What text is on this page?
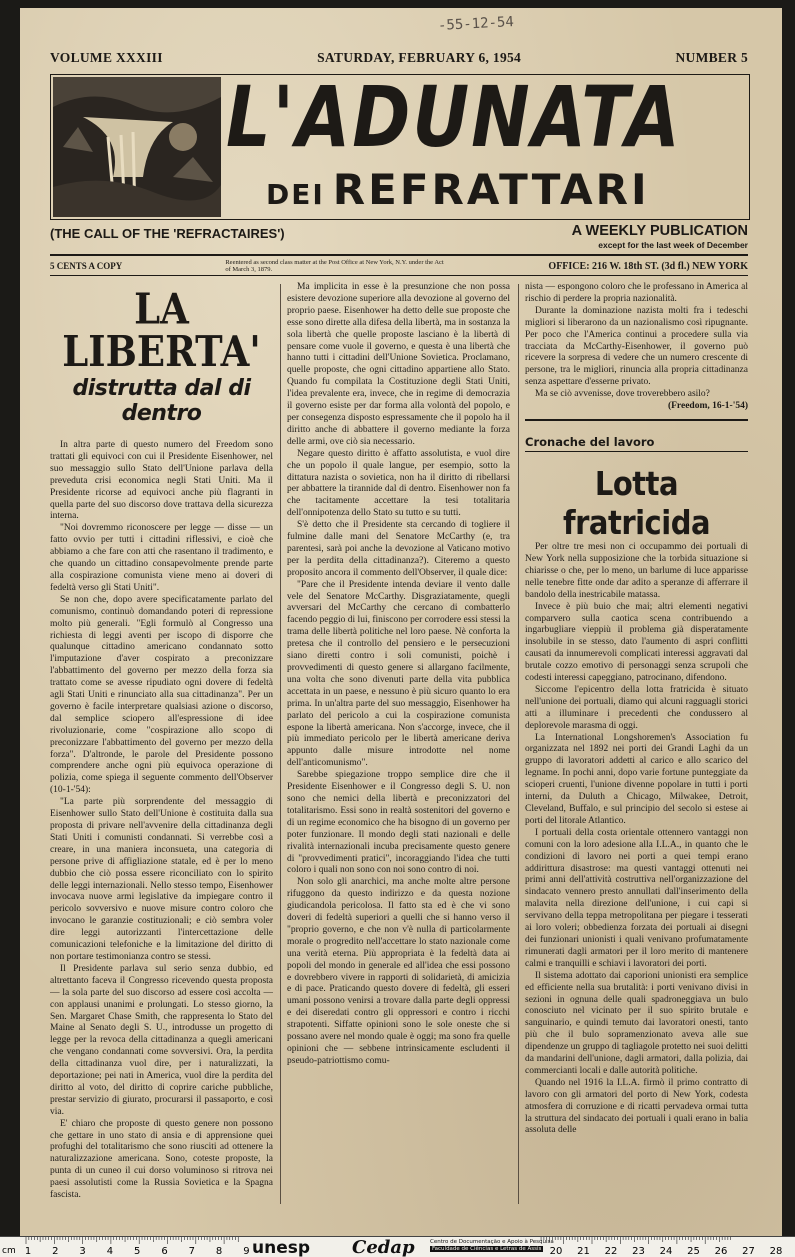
-55-12-54
VOLUME XXXIII	SATURDAY, FEBRUARY 6, 1954	NUMBER 5
L'ADUNATA
DEI REFRATTARI
(THE CALL OF THE 'REFRACTAIRES')	A WEEKLY PUBLICATION
except for the last week of December
5 CENTS A COPY	Reentered as second class matter at the Post Office at New York, N.Y. under the Act of March 3, 1879.	OFFICE: 216 W. 18th ST. (3d fl.) NEW YORK
LA LIBERTA'
distrutta dal di dentro

In altra parte di questo numero del Freedom sono trattati gli equivoci con cui il Presidente Eisenhower, nel suo messaggio sullo Stato dell'Unione parlava della preveduta crisi economica negli Stati Uniti. Ma il Presidente ricorse ad equivoci anche più flagranti in quella parte del suo discorso dove trattava della sicurezza interna.

"Noi dovremmo riconoscere per legge — disse — un fatto ovvio per tutti i cittadini riflessivi, e cioè che abbiamo a che fare con atti che rasentano il tradimento, e che quando un cittadino consapevolmente prende parte alla cospirazione comunista viene meno ai doveri di fedeltà verso gli Stati Uniti".

Se non che, dopo avere specificatamente parlato del comunismo, continuò domandando poteri di repressione molto più generali. "Egli formulò al Congresso una richiesta di leggi aventi per iscopo di disporre che qualunque cittadino americano condannato sotto l'imputazione d'aver cospirato a preconizzare l'abbattimento del governo per mezzo della forza sia trattato come se avesse ripudiato ogni dovere di fedeltà agli Stati Uniti e rinunciato alla sua cittadinanza". Per un governo è facile interpretare qualsiasi azione o discorso, dal semplice sciopero all'espressione di idee rivoluzionarie, come "cospirazione allo scopo di preconizzare l'abbattimento del governo per mezzo della forza". D'altronde, le parole del Presidente possono comprendere anche ogni più equivoca operazione di polizia, come spiega il seguente commento dell'Observer (10-1-'54):

"La parte più sorprendente del messaggio di Eisenhower sullo Stato dell'Unione è costituita dalla sua proposta di privare nell'avvenire della cittadinanza degli Stati Uniti i comunisti condannati. Si verrebbe così a creare, in una maniera inconsueta, una categoria di persone prive di affigliazione statale, ed è per lo meno dubbio che ciò possa essere riconciliato con lo spirito delle leggi internazionali. Nello stesso tempo, Eisenhower invocava nuove armi legislative da impiegare contro il pericolo sovversivo e nuove misure contro coloro che invocano le garanzie costituzionali; e ciò sembra voler dire leggi autorizzanti l'intercettazione delle comunicazioni telefoniche e la limitazione del diritto di non portare testimonianza contro se stessi.

Il Presidente parlava sul serio senza dubbio, ed altrettanto faceva il Congresso ricevendo questa proposta — la sola parte del suo discorso ad essere così accolta — con applausi unanimi e prolungati. Lo stesso giorno, la Sen. Margaret Chase Smith, che rappresenta lo Stato del Maine al Senato degli S. U., introdusse un progetto di legge per la revoca della cittadinanza a quegli americani che vengano condannati come sovversivi. Ora, la perdita della cittadinanza vuol dire, per i naturalizzati, la deportazione; pei nati in America, vuol dire la perdita del diritto al voto, del diritto di coprire cariche pubbliche, prestar servizio di giurato, procurarsi il passaporto, e così via.

E' chiaro che proposte di questo genere non possono che gettare in uno stato di ansia e di apprensione quei profughi del totalitarismo che sono riusciti ad ottenere la naturalizzazione americana. Sono, coteste proposte, la punta di un cuneo il cui dorso voluminoso si ritrova nei paesi assolutisti come la Russia Sovietica e la Spagna fascista.

Ma implicita in esse è la presunzione che non possa esistere devozione superiore alla devozione al governo del proprio paese. Eisenhower ha detto delle sue proposte che esse sono dirette alla difesa della libertà, ma in sostanza la sola libertà che quelle proposte lasciano è la libertà di pensare come vuole il governo, e questa è una libertà che hanno tutti i cittadini dell'Unione Sovietica. Proclamano, quelle proposte, che ogni cittadino appartiene allo Stato. Quando fu compilata la Costituzione degli Stati Uniti, l'idea prevalente era, invece, che in regime di democrazia il governo esiste per dar forma alla volontà del popolo, e per consegenza disposto espressamente che il popolo ha il diritto anche di abbattere il governo mediante la forza delle armi, ove ciò sia necessario.

Negare questo diritto è affatto assolutista, e vuol dire che un popolo il quale langue, per esempio, sotto la dittatura nazista o sovietica, non ha il diritto di ribellarsi per abbattere la tirannide dal di dentro. Eisenhower non fa che tacitamente accettare la tesi totalitaria dell'onnipotenza dello Stato su tutto e su tutti.

S'è detto che il Presidente sta cercando di togliere il fulmine dalle mani del Senatore McCarthy (e, tra parentesi, sarà poi anche la devozione al Vaticano motivo per la perdita della cittadinanza?). Citeremo a questo proposito ancora il commento dell'Observer, il quale dice:

"Pare che il Presidente intenda deviare il vento dalle vele del Senatore McCarthy. Disgraziatamente, quegli avversari del McCarthy che cercano di combatterlo facendo peggio di lui, finiscono per corrodere essi stessi la trama delle libertà politiche nel loro paese. Nè conforta la pretesa che il controllo del pensiero e le persecuzioni siano diretti contro i soli comunisti, poichè i provvedimenti di questo genere si allargano facilmente, una volta che sono divenuti parte della vita pubblica accettata in un paese, e nessuno è più sicuro quanto lo era prima. In un'altra parte del suo messaggio, Eisenhower ha parlato del pericolo a cui la cospirazione comunista espone la libertà americana. Non s'accorge, invece, che il più immediato pericolo per le libertà americane deriva appunto dalle misure introdotte nel nome dell'anticomunismo".

Sarebbe spiegazione troppo semplice dire che il Presidente Eisenhower e il Congresso degli S. U. non sono che nemici della libertà e preconizzatori del totalitarismo. Essi sono in realtà sostenitori del governo e di un regime economico che ha bisogno di un governo per poter funzionare. Il mondo degli stati nazionali e delle rivalità internazionali incuba precisamente questo genere di "provvedimenti pratici", incoraggiando l'idea che tutti coloro i quali non sono con noi sono contro di noi.

Non solo gli anarchici, ma anche molte altre persone rifuggono da questo indirizzo e da questa nozione giudicandola pericolosa. Il fatto sta ed è che vi sono doveri di fedeltà superiori a quelli che si hanno verso il "proprio governo, e che non v'è nulla di particolarmente morale o progredito nell'accettare lo stato nazionale come una verità eterna. Più appropriata è la fedeltà data ai popoli del mondo in generale ed all'idea che essi possono e dovrebbero vivere in rapporti di solidarietà, di amicizia e di pace. Praticando questo dovere di fedeltà, gli esseri umani possono venirsi a trovare dalla parte degli oppressi e dei diseredati contro gli oppressori e contro i ricchi strapotenti. Siffatte opinioni sono le sole oneste che si possano avere nel mondo quale è oggi; ma sono fra quelle opinioni che — sebbene intrinsicamente escludenti il pseudo-patriottismo comu-

nista — espongono coloro che le professano in America al rischio di perdere la propria nazionalità.

Durante la dominazione nazista molti fra i tedeschi migliori si liberarono da un nazionalismo così ripugnante. Per poco che l'America continui a procedere sulla via tracciata da McCarthy-Eisenhower, il governo può ricevere la sorpresa di vedere che un numero crescente di persone, tra le migliori, rinuncia alla propria cittadinanza senza aspettare d'esserne privato.

Ma se ciò avvenisse, dove troverebbero asilo?

(Freedom, 16-1-'54)
Cronache del lavoro
Lotta fratricida

Per oltre tre mesi non ci occupammo dei portuali di New York nella supposizione che la torbida situazione si chiarisse o che, per lo meno, un barlume di luce apparisse nelle tenebre fitte onde dar adito a speranze di afferrare il bandolo della inestricabile matassa.

Invece è più buio che mai; altri elementi negativi comparvero sulla caotica scena contribuendo a ingarbugliare vieppiù il problema già disperatamente insolubile in se stesso, dato l'aumento di aspri conflitti causati da innumerevoli complicati interessi aggravati dal brutale cozzo emotivo di personaggi senza scrupoli che codesti interessi capeggiano, patrocinano, difendono.

Siccome l'epicentro della lotta fratricida è situato nell'unione dei portuali, diamo qui alcuni ragguagli storici atti a illuminare i precedenti che condussero al deplorevole marasma di oggi.

La International Longshoremen's Association fu organizzata nel 1892 nei porti dei Grandi Laghi da un gruppo di lavoratori addetti al carico e allo scarico del legname. In pochi anni, dopo varie fortune punteggiate da scioperi cruenti, l'unione divenne popolare in tutti i porti interni, da Duluth a Chicago, Milwakee, Detroit, Cleveland, Buffalo, e sul principio del secolo si estese ai porti del litorale Atlantico.

I portuali della costa orientale ottennero vantaggi non comuni con la loro adesione alla I.L.A., in quanto che le condizioni di lavoro nei porti a quei tempi erano addirittura disastrose: ma questi vantaggi ottenuti nei primi anni dell'attività costruttiva nell'organizzazione del sindacato vennero presto annullati dall'inserimento della malavita nella direzione dell'unione, i cui capi si servivano della teppa metropolitana per piegare i tesserati ai loro voleri; obbedienza forzata dei portuali ai disegni dei funzionari unionisti i quali venivano profumatamente rimunerati dagli armatori per il loro merito di mantenere calmi e tranquilli e schiavi i lavoratori dei porti.

Il sistema adottato dai caporioni unionisti era semplice ed efficiente nella sua brutalità: i porti venivano divisi in sezioni in ognuna delle quali spadroneggiava un bulo conosciuto nel vicinato per il suo spirito brutale e sanguinario, e quindi temuto dai lavoratori onesti, tanto più che il bulo sopramenzionato aveva alle sue dipendenze un gruppo di tagliagole protetto nei suoi delitti da mandarini dell'unione, dagli armatori, dalla polizia, dai commercianti locali e dalle autorità politiche.

Quando nel 1916 la I.L.A. firmò il primo contratto di lavoro con gli armatori del porto di New York, codesta atmosfera di corruzione e di ricatti pervadeva ormai tutta la struttura del sindacato dei portuali i quali erano in balia assoluta delle

cm 1 2 3 4 5 6 7 8 9	20 21 22 23 24 25 26 27 28
unesp Cedap	Centro de Documentação e Apoio à Pesquisa
Faculdade de Ciências e Letras de Assis
